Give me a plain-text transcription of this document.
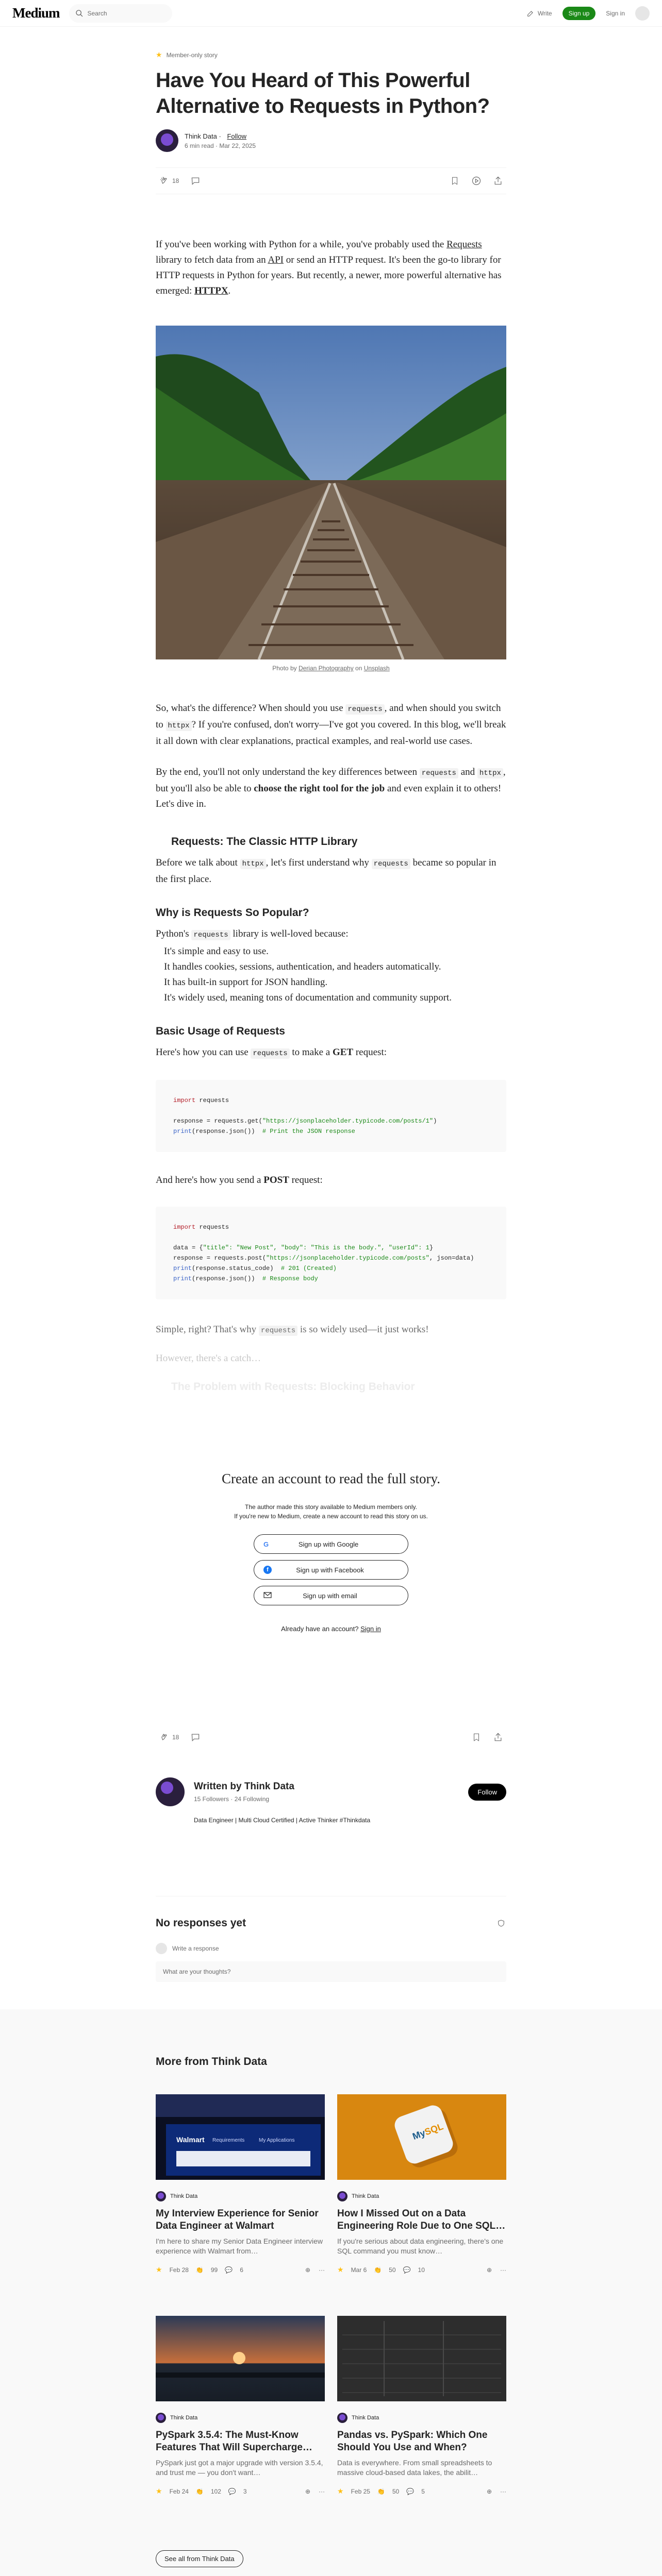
Medium	Search	Write	Sign up	Sign in
★ Member-only story
Have You Heard of This Powerful Alternative to Requests in Python?
Think Data · Follow
6 min read · Mar 22, 2025
18

If you've been working with Python for a while, you've probably used the Requests library to fetch data from an API or send an HTTP request. It's been the go-to library for HTTP requests in Python for years. But recently, a newer, more powerful alternative has emerged: HTTPX.

Photo by Derian Photography on Unsplash

So, what's the difference? When should you use requests , and when should you switch to httpx ? If you're confused, don't worry—I've got you covered. In this blog, we'll break it all down with clear explanations, practical examples, and real-world use cases.

By the end, you'll not only understand the key differences between requests and httpx , but you'll also be able to choose the right tool for the job and even explain it to others! Let's dive in.

Requests: The Classic HTTP Library

Before we talk about httpx , let's first understand why requests became so popular in the first place.

Why is Requests So Popular?

Python's requests library is well-loved because:

It's simple and easy to use.

It handles cookies, sessions, authentication, and headers automatically.

It has built-in support for JSON handling.

It's widely used, meaning tons of documentation and community support.

Basic Usage of Requests

Here's how you can use requests to make a GET request:

import requests

response = requests.get("https://jsonplaceholder.typicode.com/posts/1")
print(response.json())  # Print the JSON response

And here's how you send a POST request:

import requests

data = {"title": "New Post", "body": "This is the body.", "userId": 1}
response = requests.post("https://jsonplaceholder.typicode.com/posts", json=data)
print(response.status_code)  # 201 (Created)
print(response.json())  # Response body

Simple, right? That's why requests is so widely used—it just works!

However, there's a catch…

The Problem with Requests: Blocking Behavior
Create an account to read the full story.
The author made this story available to Medium members only.
If you're new to Medium, create a new account to read this story on us.
G	Sign up with Google
f	Sign up with Facebook
Sign up with email
Already have an account? Sign in
18
Written by Think Data
15 Followers · 24 Following
Follow
Data Engineer | Multi Cloud Certified | Active Thinker #Thinkdata
No responses yet
Write a response
What are your thoughts?
More from Think Data
Walmart Requirements	My Applications
Think Data
My Interview Experience for Senior Data Engineer at Walmart
I'm here to share my Senior Data Engineer interview experience with Walmart from…
★ Feb 28 👏 99 💬 6	⊕ ···
MySQL
Think Data
How I Missed Out on a Data Engineering Role Due to One SQL…
If you're serious about data engineering, there's one SQL command you must know…
★ Mar 6 👏 50 💬 10	⊕ ···
Think Data
PySpark 3.5.4: The Must-Know Features That Will Supercharge…
PySpark just got a major upgrade with version 3.5.4, and trust me — you don't want…
★ Feb 24 👏 102 💬 3	⊕ ···
Think Data
Pandas vs. PySpark: Which One Should You Use and When?
Data is everywhere. From small spreadsheets to massive cloud-based data lakes, the abilit…
★ Feb 25 👏 50 💬 5	⊕ ···
See all from Think Data
